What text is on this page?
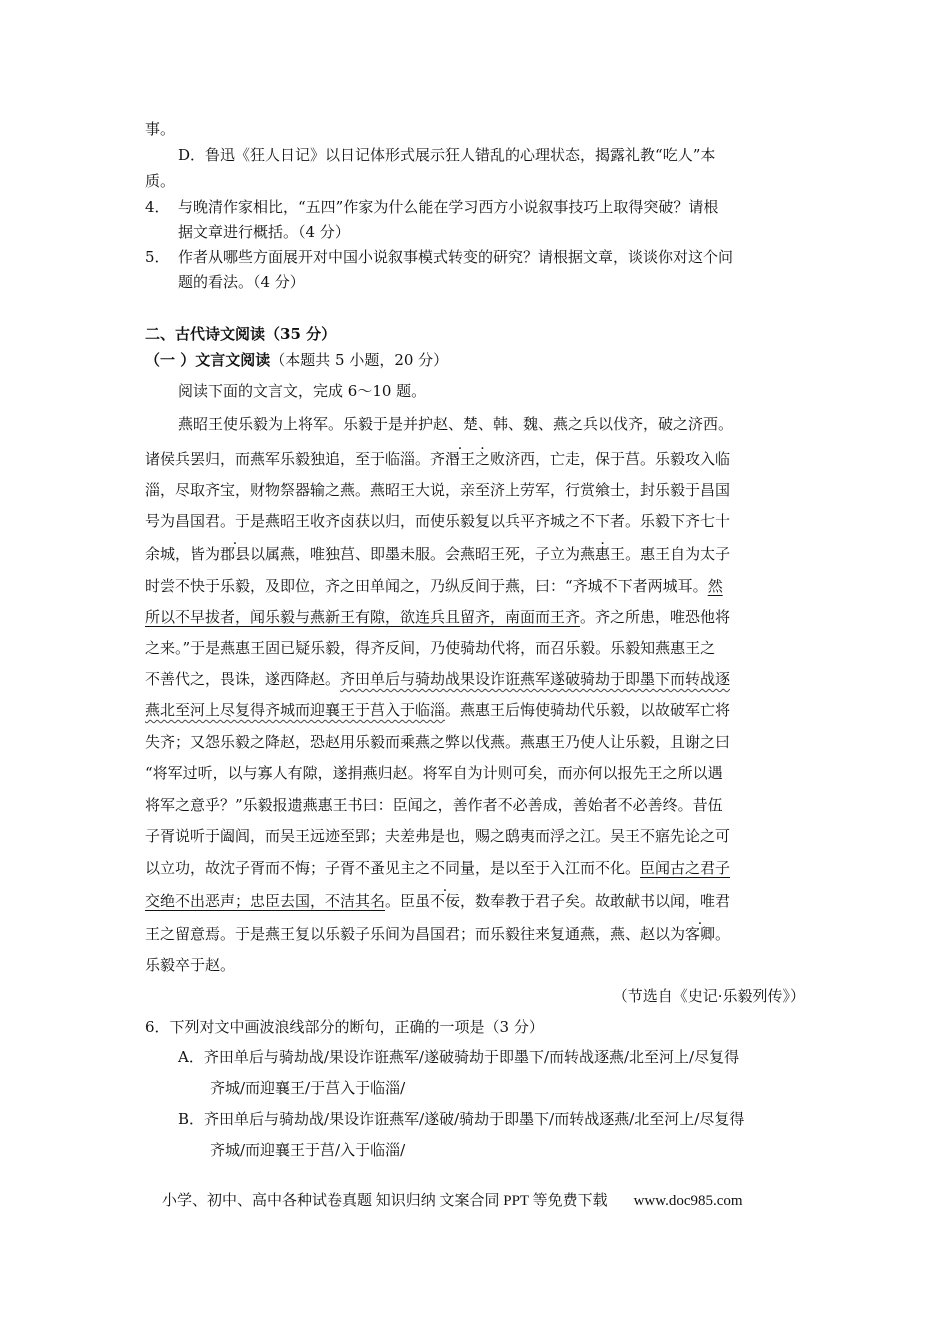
事。
D．鲁迅《狂人日记》以日记体形式展示狂人错乱的心理状态，揭露礼教“吃人”本
质。
4． 与晚清作家相比，“五四”作家为什么能在学习西方小说叙事技巧上取得突破？请根
据文章进行概括。（4 分）
5． 作者从哪些方面展开对中国小说叙事模式转变的研究？请根据文章，谈谈你对这个问
题的看法。（4 分）
二、古代诗文阅读（35 分）
（一 ）文言文阅读（本题共 5 小题，20 分）
阅读下面的文言文，完成 6～10 题。
燕昭王使乐毅为上将军。乐毅于是并护赵、楚、韩、魏、燕之兵以伐齐，破之济西。
诸侯兵罢归，而燕军乐毅独追，至于临淄。齐湣王之败济西，亡走，保于莒。乐毅攻入临
淄，尽取齐宝，财物祭器输之燕。燕昭王大说，亲至济上劳军，行赏飨士，封乐毅于昌国
号为昌国君。于是燕昭王收齐卤获以归，而使乐毅复以兵平齐城之不下者。乐毅下齐七十
余城，皆为郡县以属燕，唯独莒、即墨未服。会燕昭王死，子立为燕惠王。惠王自为太子
时尝不快于乐毅，及即位，齐之田单闻之，乃纵反间于燕，曰：“齐城不下者两城耳。然
所以不早拔者，闻乐毅与燕新王有隙，欲连兵且留齐，南面而王齐。齐之所患，唯恐他将
之来。”于是燕惠王固已疑乐毅，得齐反间，乃使骑劫代将，而召乐毅。乐毅知燕惠王之
不善代之，畏诛，遂西降赵。齐田单后与骑劫战果设诈诳燕军遂破骑劫于即墨下而转战逐
燕北至河上尽复得齐城而迎襄王于莒入于临淄。燕惠王后悔使骑劫代乐毅，以故破军亡将
失齐；又怨乐毅之降赵，恐赵用乐毅而乘燕之弊以伐燕。燕惠王乃使人让乐毅，且谢之曰
“将军过听，以与寡人有隙，遂捐燕归赵。将军自为计则可矣，而亦何以报先王之所以遇
将军之意乎？”乐毅报遗燕惠王书曰：臣闻之，善作者不必善成，善始者不必善终。昔伍
子胥说听于阖闾，而吴王远迹至郢；夫差弗是也，赐之鸱夷而浮之江。吴王不寤先论之可
以立功，故沈子胥而不悔；子胥不蚤见主之不同量，是以至于入江而不化。臣闻古之君子
交绝不出恶声；忠臣去国，不洁其名。臣虽不佞，数奉教于君子矣。故敢献书以闻，唯君
王之留意焉。于是燕王复以乐毅子乐间为昌国君；而乐毅往来复通燕，燕、赵以为客卿。
乐毅卒于赵。
（节选自《史记·乐毅列传》）
6．下列对文中画波浪线部分的断句，正确的一项是（3 分）
A．齐田单后与骑劫战/果设诈诳燕军/遂破骑劫于即墨下/而转战逐燕/北至河上/尽复得
齐城/而迎襄王/于莒入于临淄/
B．齐田单后与骑劫战/果设诈诳燕军/遂破/骑劫于即墨下/而转战逐燕/北至河上/尽复得
齐城/而迎襄王于莒/入于临淄/
小学、初中、高中各种试卷真题 知识归纳 文案合同 PPT 等免费下载 www.doc985.com
